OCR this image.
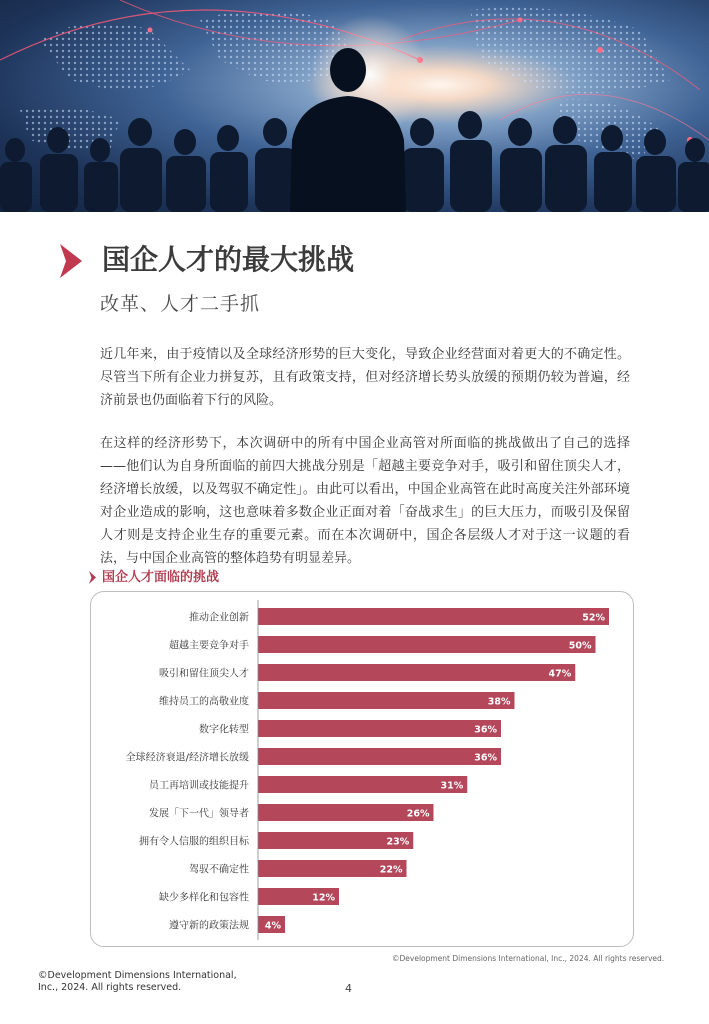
国企人才的最大挑战
改革、人才二手抓
近几年来，由于疫情以及全球经济形势的巨大变化，导致企业经营面对着更大的不确定性。尽管当下所有企业力拼复苏，且有政策支持，但对经济增长势头放缓的预期仍较为普遍，经济前景也仍面临着下行的风险。
在这样的经济形势下，本次调研中的所有中国企业高管对所面临的挑战做出了自己的选择——他们认为自身所面临的前四大挑战分别是「超越主要竞争对手，吸引和留住顶尖人才，经济增长放缓，以及驾驭不确定性」。由此可以看出，中国企业高管在此时高度关注外部环境对企业造成的影响，这也意味着多数企业正面对着「奋战求生」的巨大压力，而吸引及保留人才则是支持企业生存的重要元素。而在本次调研中，国企各层级人才对于这一议题的看法，与中国企业高管的整体趋势有明显差异。
国企人才面临的挑战
推动企业创新	52%
超越主要竞争对手	50%
吸引和留住顶尖人才	47%
维持员工的高敬业度	38%
数字化转型	36%
全球经济衰退/经济增长放缓	36%
员工再培训或技能提升	31%
发展「下一代」领导者	26%
拥有令人信服的组织目标	23%
驾驭不确定性	22%
缺少多样化和包容性	12%
遵守新的政策法规 4%
©Development Dimensions International, Inc., 2024. All rights reserved.
©Development Dimensions International, Inc., 2024. All rights reserved.	4
